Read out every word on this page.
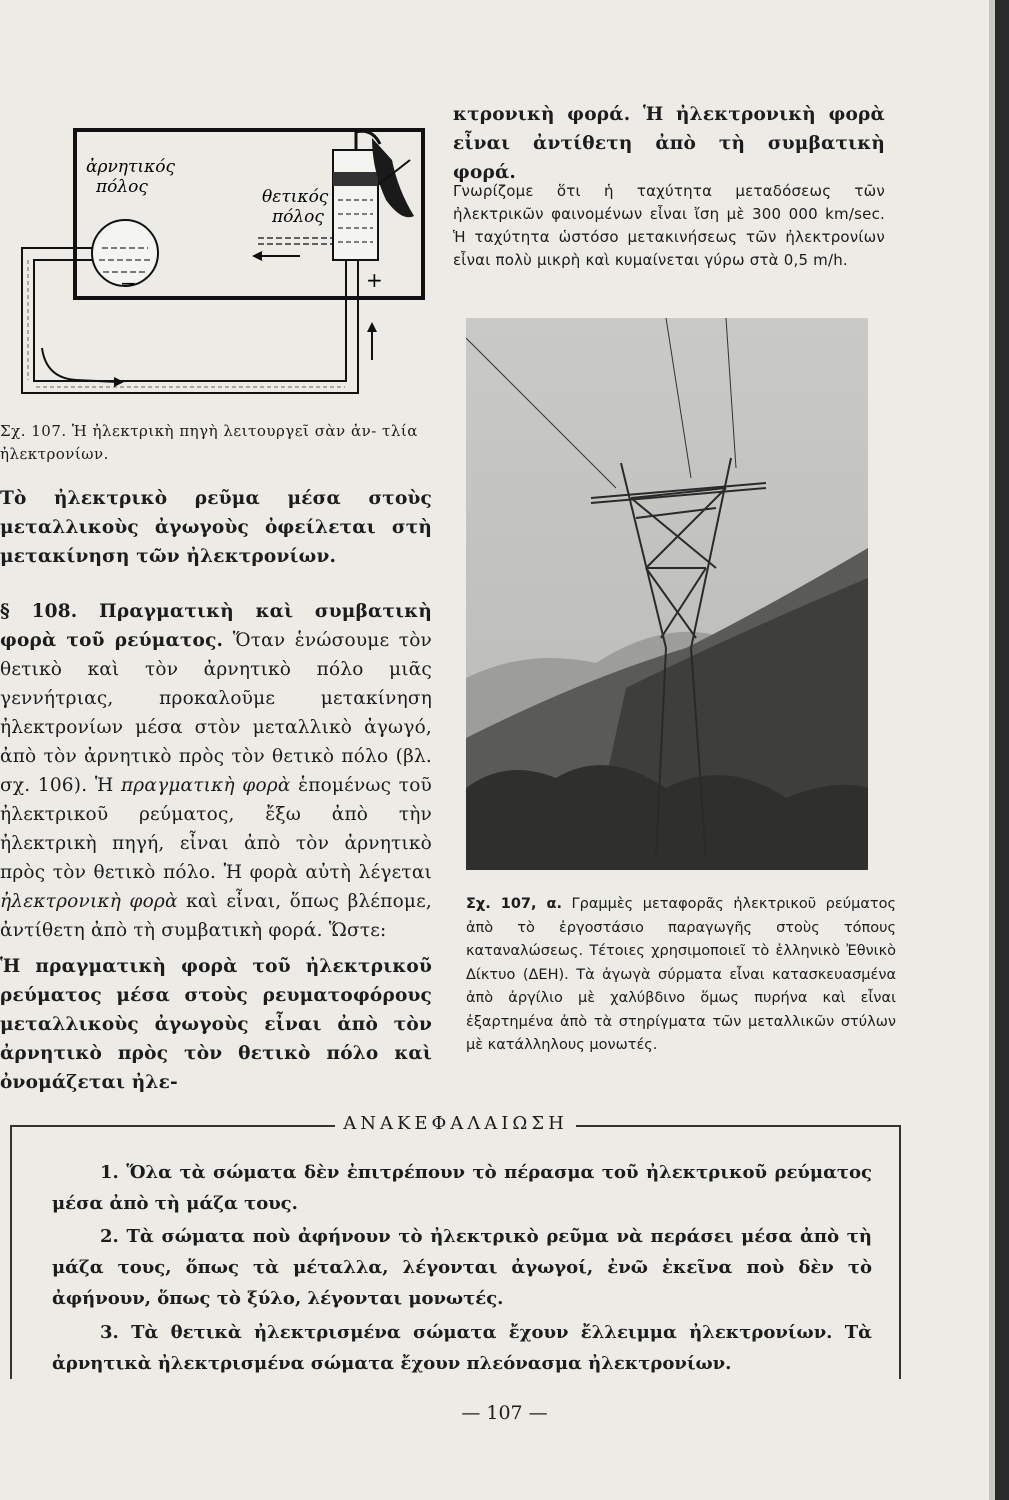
ἀρνητικός πόλος	θετικός πόλος
−	+
Σχ. 107. Ἡ ἠλεκτρικὴ πηγὴ λειτουργεῖ σὰν ἀν- τλία ἠλεκτρονίων.
Τὸ ἠλεκτρικὸ ρεῦμα μέσα στοὺς μεταλλικοὺς ἀγωγοὺς ὀφείλεται στὴ μετακίνηση τῶν ἠλεκτρονίων.
§ 108. Πραγματικὴ καὶ συμβατικὴ φορὰ τοῦ ρεύματος. Ὅταν ἑνώσουμε τὸν θετικὸ καὶ τὸν ἀρνητικὸ πόλο μιᾶς γεννήτριας, προκαλοῦμε μετακίνηση ἠλεκτρονίων μέσα στὸν μεταλλικὸ ἀγωγό, ἀπὸ τὸν ἀρνητικὸ πρὸς τὸν θετικὸ πόλο (βλ. σχ. 106). Ἡ πραγματικὴ φορὰ ἑπομένως τοῦ ἠλεκτρικοῦ ρεύματος, ἔξω ἀπὸ τὴν ἠλεκτρικὴ πηγή, εἶναι ἀπὸ τὸν ἀρνητικὸ πρὸς τὸν θετικὸ πόλο. Ἡ φορὰ αὐτὴ λέγεται ἠλεκτρονικὴ φορὰ καὶ εἶναι, ὅπως βλέπομε, ἀντίθετη ἀπὸ τὴ συμβατικὴ φορά. Ὥστε:
Ἡ πραγματικὴ φορὰ τοῦ ἠλεκτρικοῦ ρεύματος μέσα στοὺς ρευματοφόρους μεταλλικοὺς ἀγωγοὺς εἶναι ἀπὸ τὸν ἀρνητικὸ πρὸς τὸν θετικὸ πόλο καὶ ὀνομάζεται ἠλε-
κτρονικὴ φορά. Ἡ ἠλεκτρονικὴ φορὰ εἶναι ἀντίθετη ἀπὸ τὴ συμβατικὴ φορά.
Γνωρίζομε ὅτι ἡ ταχύτητα μεταδόσεως τῶν ἠλεκτρικῶν φαινομένων εἶναι ἴση μὲ 300 000 km/sec. Ἡ ταχύτητα ὡστόσο μετακινήσεως τῶν ἠλεκτρονίων εἶναι πολὺ μικρὴ καὶ κυμαίνεται γύρω στὰ 0,5 m/h.
Σχ. 107, α. Γραμμὲς μεταφορᾶς ἠλεκτρικοῦ ρεύματος ἀπὸ τὸ ἐργοστάσιο παραγωγῆς στοὺς τόπους καταναλώσεως. Τέτοιες χρησιμοποιεῖ τὸ ἑλληνικὸ Ἐθνικὸ Δίκτυο (ΔΕΗ). Τὰ ἀγωγὰ σύρματα εἶναι κατασκευασμένα ἀπὸ ἀργίλιο μὲ χαλύβδινο ὅμως πυρήνα καὶ εἶναι ἐξαρτημένα ἀπὸ τὰ στηρίγματα τῶν μεταλλικῶν στύλων μὲ κατάλληλους μονωτές.
ΑΝΑΚΕΦΑΛΑΙΩΣΗ
1. Ὅλα τὰ σώματα δὲν ἐπιτρέπουν τὸ πέρασμα τοῦ ἠλεκτρικοῦ ρεύματος μέσα ἀπὸ τὴ μάζα τους.
2. Τὰ σώματα ποὺ ἀφήνουν τὸ ἠλεκτρικὸ ρεῦμα νὰ περάσει μέσα ἀπὸ τὴ μάζα τους, ὅπως τὰ μέταλλα, λέγονται ἀγωγοί, ἐνῶ ἐκεῖνα ποὺ δὲν τὸ ἀφήνουν, ὅπως τὸ ξύλο, λέγονται μονωτές.
3. Τὰ θετικὰ ἠλεκτρισμένα σώματα ἔχουν ἔλλειμμα ἠλεκτρονίων. Τὰ ἀρνητικὰ ἠλεκτρισμένα σώματα ἔχουν πλεόνασμα ἠλεκτρονίων.
— 107 —
